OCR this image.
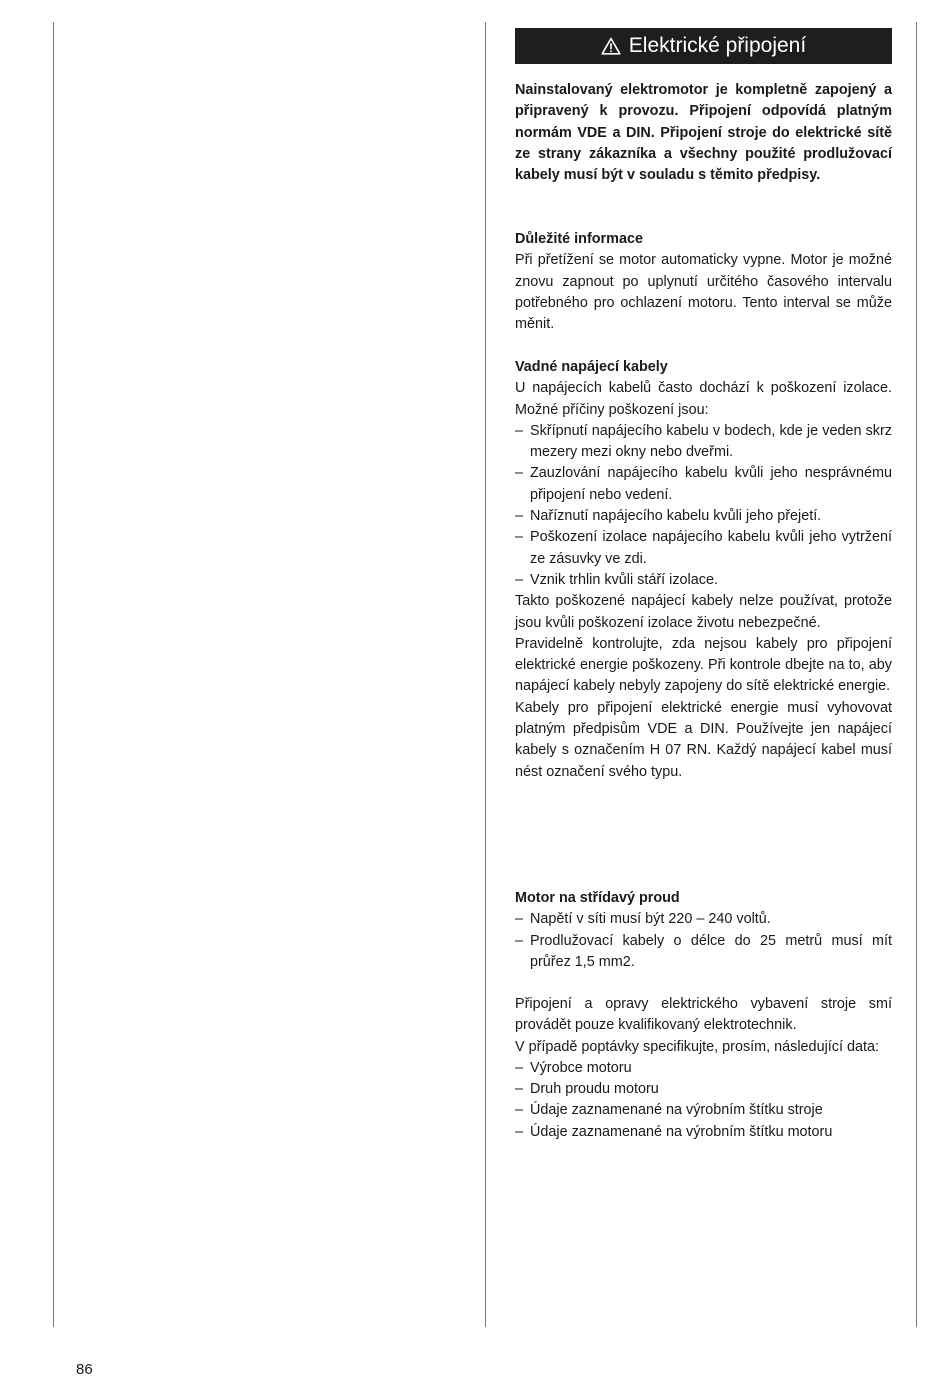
Elektrické připojení
Nainstalovaný elektromotor je kompletně zapojený a připravený k provozu. Připojení odpovídá platným normám VDE a DIN. Připojení stroje do elektrické sítě ze strany zákazníka a všechny použité prodlužovací kabely musí být v souladu s těmito předpisy.

Důležité informace

Při přetížení se motor automaticky vypne. Motor je možné znovu zapnout po uplynutí určitého časového intervalu potřebného pro ochlazení motoru. Tento interval se může měnit.

Vadné napájecí kabely

U napájecích kabelů často dochází k poškození izolace. Možné příčiny poškození jsou:

– Skřípnutí napájecího kabelu v bodech, kde je veden skrz mezery mezi okny nebo dveřmi.
– Zauzlování napájecího kabelu kvůli jeho nesprávnému připojení nebo vedení.
– Naříznutí napájecího kabelu kvůli jeho přejetí.
– Poškození izolace napájecího kabelu kvůli jeho vytržení ze zásuvky ve zdi.
– Vznik trhlin kvůli stáří izolace.

Takto poškozené napájecí kabely nelze používat, protože jsou kvůli poškození izolace životu nebezpečné.

Pravidelně kontrolujte, zda nejsou kabely pro připojení elektrické energie poškozeny. Při kontrole dbejte na to, aby napájecí kabely nebyly zapojeny do sítě elektrické energie.

Kabely pro připojení elektrické energie musí vyhovovat platným předpisům VDE a DIN. Používejte jen napájecí kabely s označením H 07 RN. Každý napájecí kabel musí nést označení svého typu.

Motor na střídavý proud

– Napětí v síti musí být 220 – 240 voltů.
– Prodlužovací kabely o délce do 25 metrů musí mít průřez 1,5 mm2.

Připojení a opravy elektrického vybavení stroje smí provádět pouze kvalifikovaný elektrotechnik.

V případě poptávky specifikujte, prosím, následující data:

– Výrobce motoru
– Druh proudu motoru
– Údaje zaznamenané na výrobním štítku stroje
– Údaje zaznamenané na výrobním štítku motoru
86
